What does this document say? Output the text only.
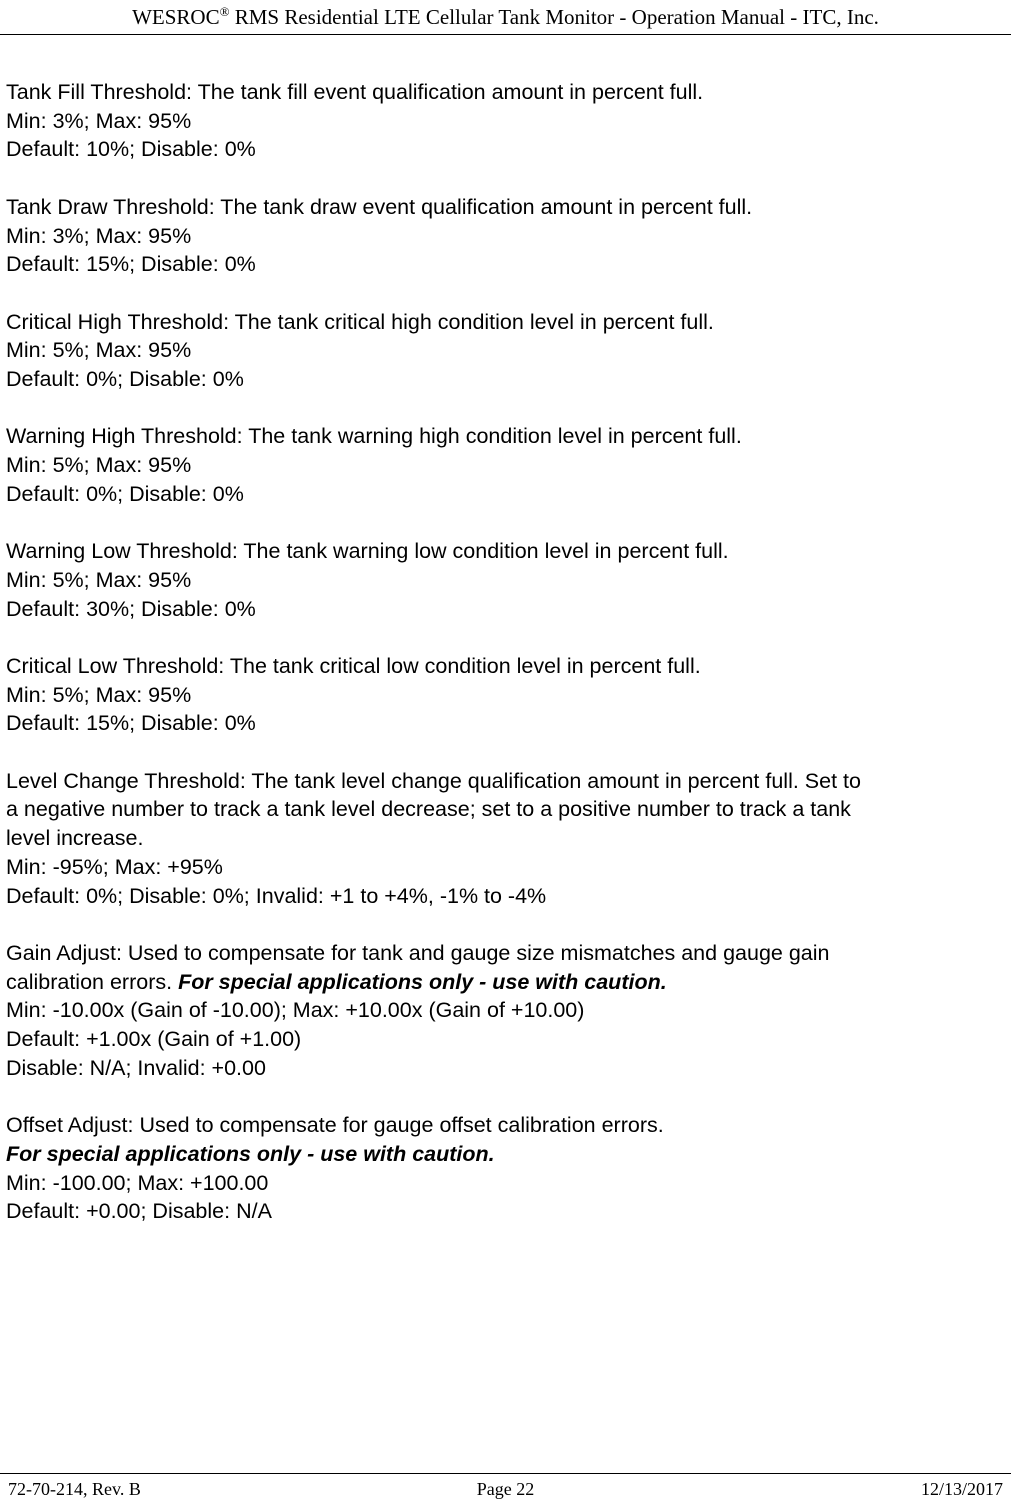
WESROC® RMS Residential LTE Cellular Tank Monitor - Operation Manual - ITC, Inc.
Tank Fill Threshold: The tank fill event qualification amount in percent full.
Min: 3%; Max: 95%
Default: 10%; Disable: 0%
Tank Draw Threshold: The tank draw event qualification amount in percent full.
Min: 3%; Max: 95%
Default: 15%; Disable: 0%
Critical High Threshold: The tank critical high condition level in percent full.
Min: 5%; Max: 95%
Default: 0%; Disable: 0%
Warning High Threshold: The tank warning high condition level in percent full.
Min: 5%; Max: 95%
Default: 0%; Disable: 0%
Warning Low Threshold: The tank warning low condition level in percent full.
Min: 5%; Max: 95%
Default: 30%; Disable: 0%
Critical Low Threshold: The tank critical low condition level in percent full.
Min: 5%; Max: 95%
Default: 15%; Disable: 0%
Level Change Threshold: The tank level change qualification amount in percent full. Set to
a negative number to track a tank level decrease; set to a positive number to track a tank
level increase.
Min: -95%; Max: +95%
Default: 0%; Disable: 0%; Invalid: +1 to +4%, -1% to -4%
Gain Adjust: Used to compensate for tank and gauge size mismatches and gauge gain
calibration errors. For special applications only - use with caution.
Min: -10.00x (Gain of -10.00); Max: +10.00x (Gain of +10.00)
Default: +1.00x (Gain of +1.00)
Disable: N/A; Invalid: +0.00
Offset Adjust: Used to compensate for gauge offset calibration errors.
For special applications only - use with caution.
Min: -100.00; Max: +100.00
Default: +0.00; Disable: N/A
72-70-214, Rev. B	Page 22	12/13/2017
